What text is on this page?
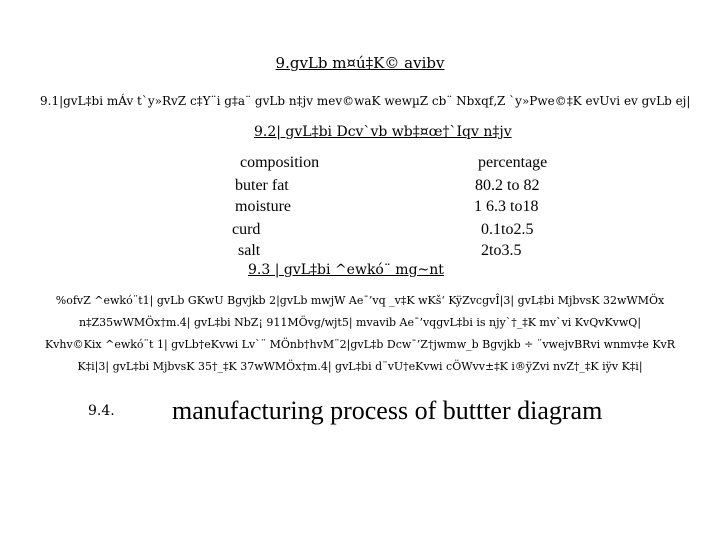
9.gvLb m¤ú‡K© avibv
9.1|gvL‡bi mÁv t`y»RvZ c‡Y¨i g‡a¨ gvLb n‡jv mev©waK wewµZ cb¨ Nbxqf‚Z `y»Pwe©‡K evUvi ev gvLb ej|
9.2| gvL‡bi Dcv`vb wb‡¤œ†`Iqv n‡jv
composition	percentage
buter fat	80.2 to 82
moisture	1 6.3 to18
curd	0.1to2.5
salt	2to3.5
9.3 | gvL‡bi ^ewkó¨ mg~nt
%ofvZ ^ewkó¨t1| gvLb GKwU Bgvjkb 2|gvLb mwjW Ae¯’vq _v‡K wKš‘ KÿZvcgvÎ|3| gvL‡bi MjbvsK 32wWMÖx
n‡Z35wWMÖx†m.4| gvL‡bi NbZ¡ 911MÖvg/wjt5| mvavib Ae¯’vqgvL‡bi is njy`†_‡K mv`vi KvQvKvwQ|
Kvhv©Kix ^ewkó¨t 1| gvLb†eKvwi Lv`¨ MÖnb†hvM¨2|gvL‡b Dcw¯’Z†jwmw_b Bgvjkb ÷ ¨vwejvBRvi wnmv‡e KvR
K‡i|3| gvL‡bi MjbvsK 35†_‡K 37wWMÖx†m.4| gvL‡bi d¨vU†eKvwi cÖWvv±‡K i®ÿZvi nvZ†_‡K iÿv K‡i|
9.4. manufacturing process of buttter diagram
